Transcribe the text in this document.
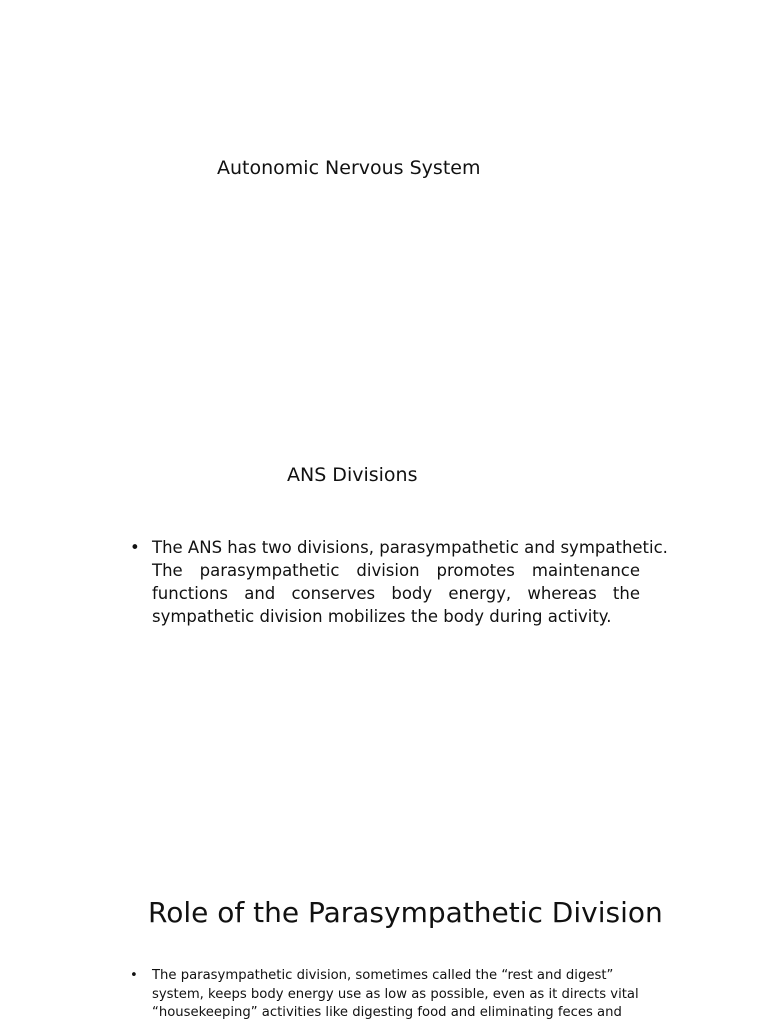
Autonomic Nervous System
ANS Divisions
• The ANS has two divisions, parasympathetic and sympathetic.
The parasympathetic division promotes maintenance
functions and conserves body energy, whereas the
sympathetic division mobilizes the body during activity.
Role of the Parasympathetic Division
• The parasympathetic division, sometimes called the “rest and digest”
system, keeps body energy use as low as possible, even as it directs vital
“housekeeping” activities like digesting food and eliminating feces and
